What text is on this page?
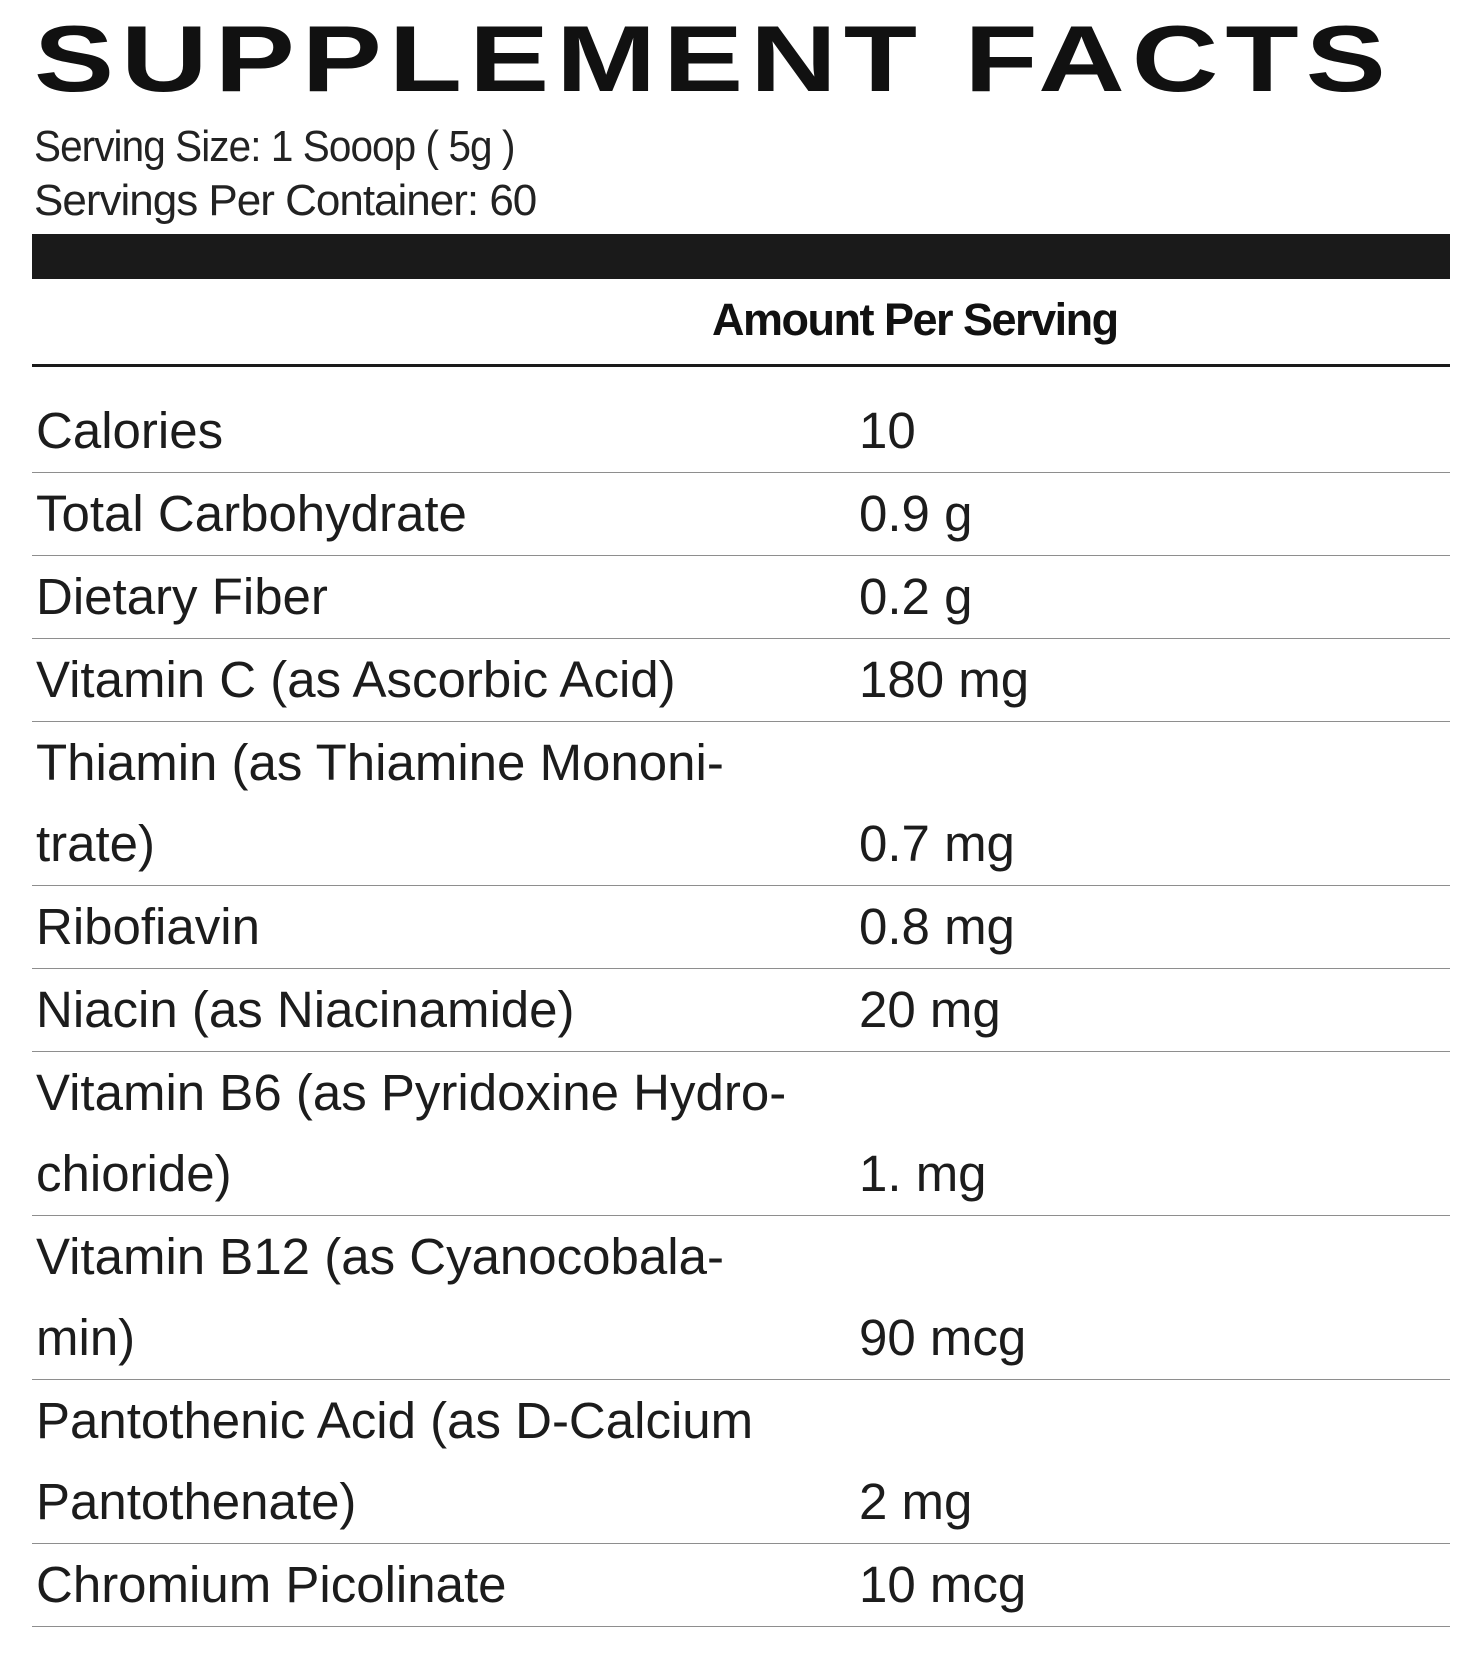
SUPPLEMENT FACTS
Serving Size: 1 Sooop ( 5g )
Servings Per Container: 60
Amount Per Serving
Calories	10
Total Carbohydrate	0.9 g
Dietary Fiber	0.2 g
Vitamin C (as Ascorbic Acid)	180 mg
Thiamin (as Thiamine Mononi-
trate)	0.7 mg
Ribofiavin	0.8 mg
Niacin (as Niacinamide)	20 mg
Vitamin B6 (as Pyridoxine Hydro-
chioride)	1. mg
Vitamin B12 (as Cyanocobala-
min)	90 mcg
Pantothenic Acid (as D-Calcium
Pantothenate)	2 mg
Chromium Picolinate	10 mcg
